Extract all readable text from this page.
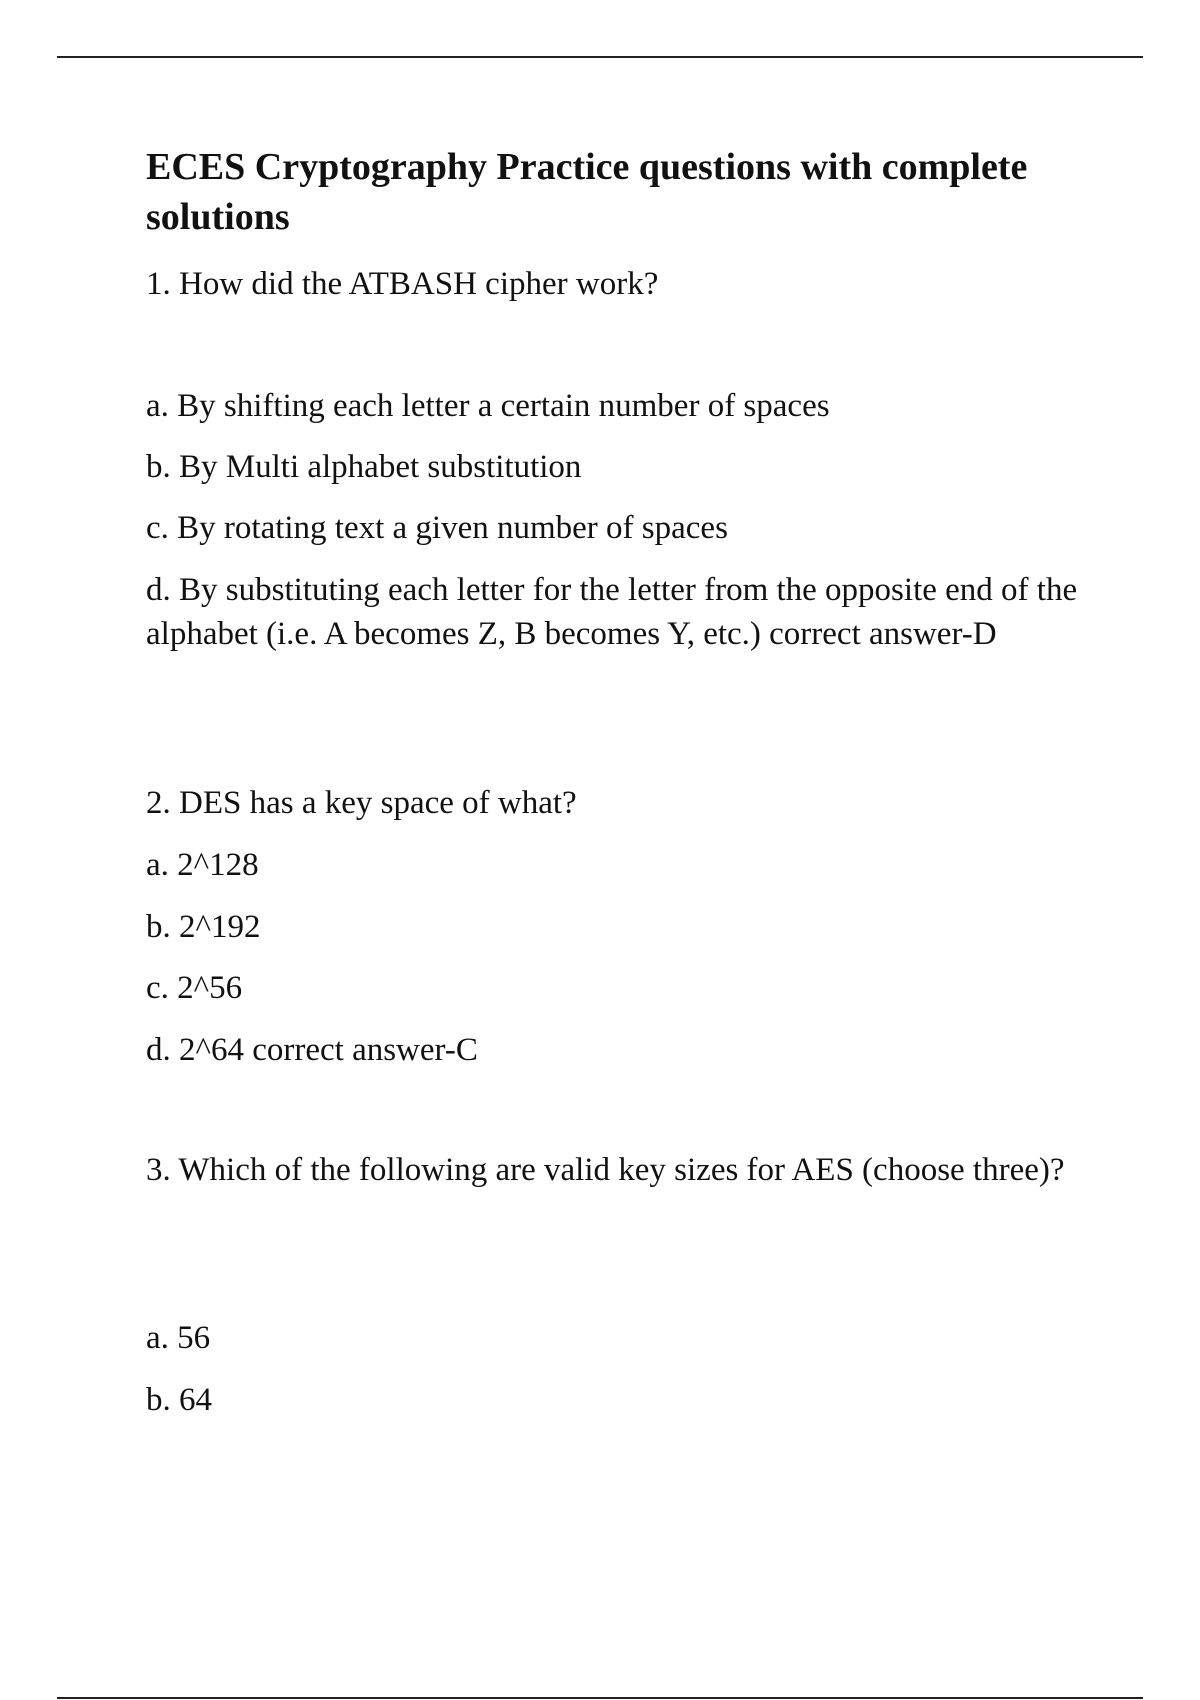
ECES Cryptography Practice questions with complete solutions

1. How did the ATBASH cipher work?

a. By shifting each letter a certain number of spaces

b. By Multi alphabet substitution

c. By rotating text a given number of spaces

d. By substituting each letter for the letter from the opposite end of the alphabet (i.e. A becomes Z, B becomes Y, etc.) correct answer-D

2. DES has a key space of what?

a. 2^128

b. 2^192

c. 2^56

d. 2^64 correct answer-C

3. Which of the following are valid key sizes for AES (choose three)?

a. 56

b. 64
